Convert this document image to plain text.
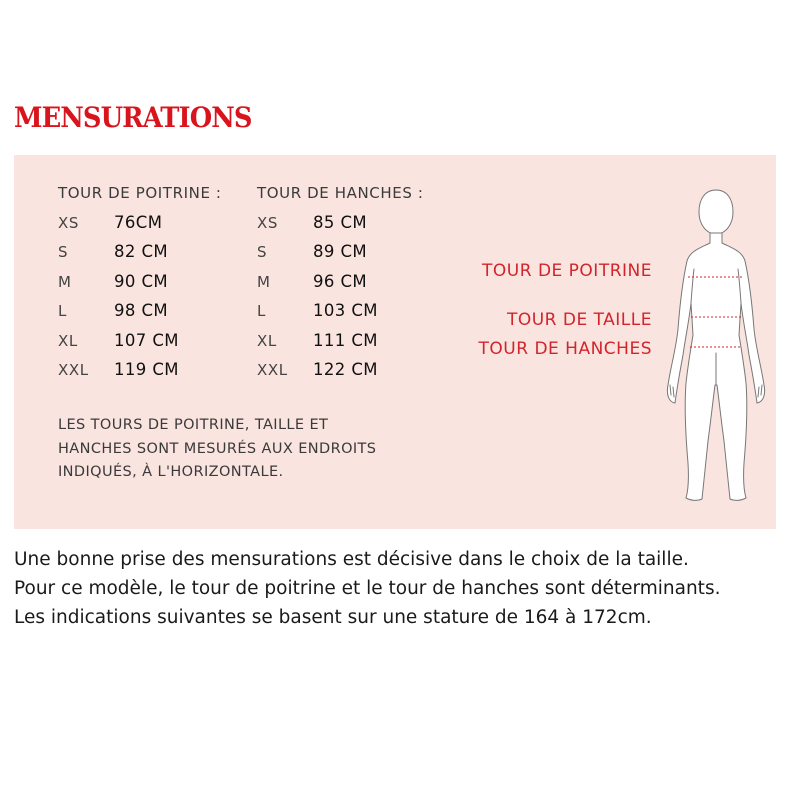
MENSURATIONS
TOUR DE POITRINE :
XS 76CM
S	82 CM
M	90 CM
L	98 CM
XL 107 CM
XXL 119 CM
TOUR DE HANCHES :
XS 85 CM
S	89 CM
M	96 CM
L	103 CM
XL 111 CM
XXL 122 CM
LES TOURS DE POITRINE, TAILLE ET
HANCHES SONT MESURÉS AUX ENDROITS
INDIQUÉS, À L'HORIZONTALE.
TOUR DE POITRINE
TOUR DE TAILLE
TOUR DE HANCHES
Une bonne prise des mensurations est décisive dans le choix de la taille.
Pour ce modèle, le tour de poitrine et le tour de hanches sont déterminants.
Les indications suivantes se basent sur une stature de 164 à 172cm.
